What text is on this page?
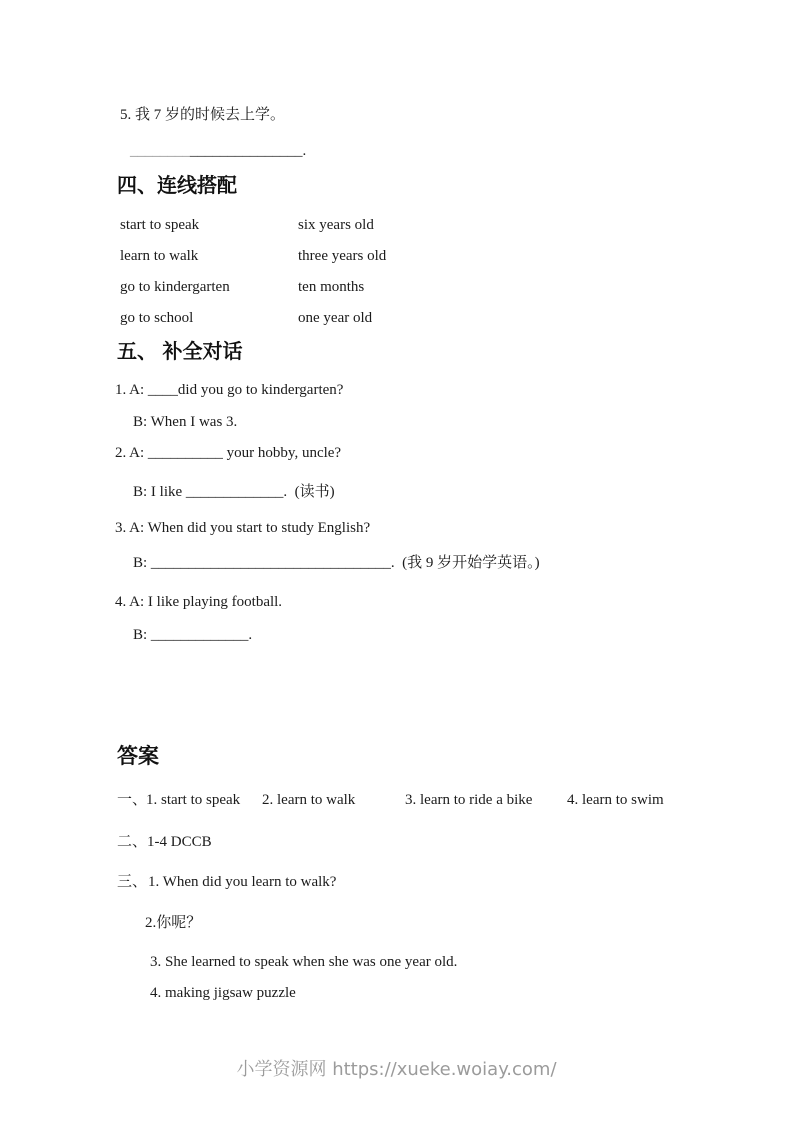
5. 我 7 岁的时候去上学。
_______________________.
四、连线搭配
start to speak	six years old
learn to walk	three years old
go to kindergarten	ten months
go to school	one year old
五、 补全对话
1. A: ____did you go to kindergarten?
B: When I was 3.
2. A: __________ your hobby, uncle?
B: I like _____________.  (读书)
3. A: When did you start to study English?
B: ________________________________.  (我 9 岁开始学英语。)
4. A: I like playing football.
B: _____________.
答案
一、
1. start to speak 2. learn to walk	3. learn to ride a bike 4. learn to swim
二、 1-4 DCCB
三、 1. When did you learn to walk?
2.你呢？
3. She learned to speak when she was one year old.
4. making jigsaw puzzle
小学资源网 https://xueke.woiay.com/
